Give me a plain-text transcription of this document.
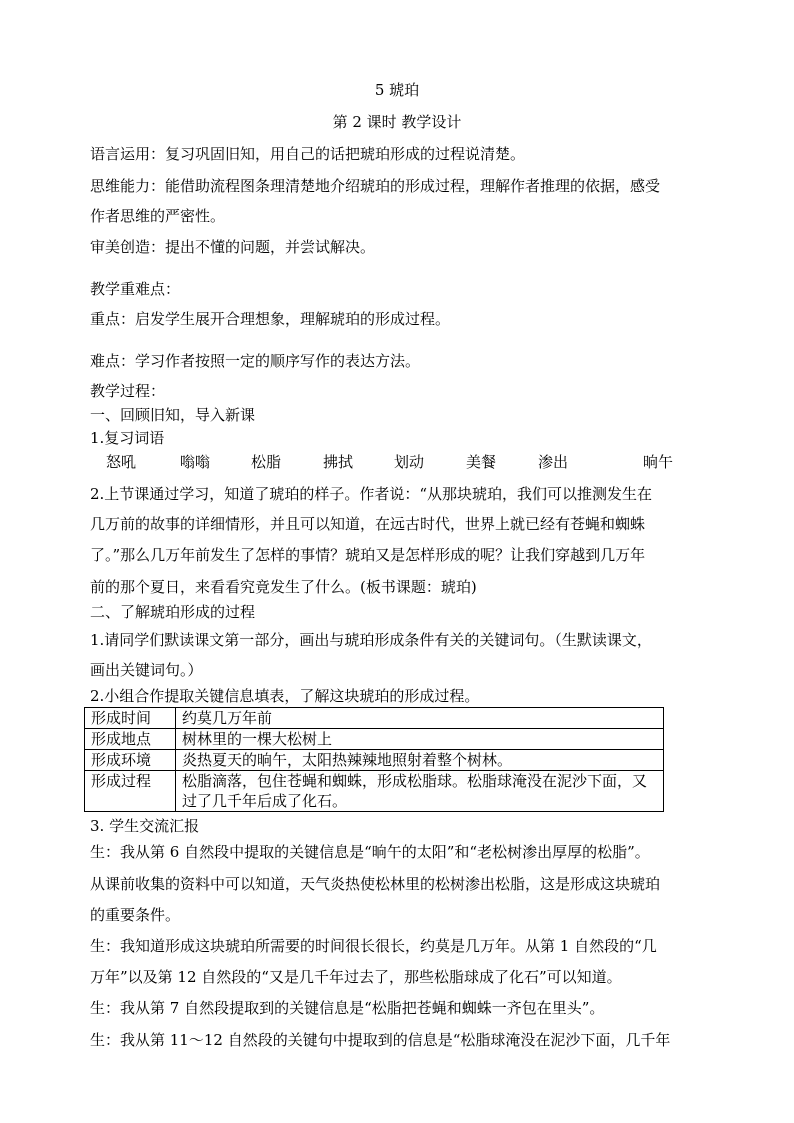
5 琥珀
第 2 课时 教学设计
语言运用：复习巩固旧知，用自己的话把琥珀形成的过程说清楚。
思维能力：能借助流程图条理清楚地介绍琥珀的形成过程，理解作者推理的依据，感受
作者思维的严密性。
审美创造：提出不懂的问题，并尝试解决。
教学重难点：
重点：启发学生展开合理想象，理解琥珀的形成过程。
难点：学习作者按照一定的顺序写作的表达方法。
教学过程：
一、回顾旧知，导入新课
1.复习词语
怒吼	嗡嗡	松脂	拂拭	划动	美餐	渗出	晌午
2.上节课通过学习，知道了琥珀的样子。作者说：“从那块琥珀，我们可以推测发生在
几万前的故事的详细情形，并且可以知道，在远古时代，世界上就已经有苍蝇和蜘蛛
了。”那么几万年前发生了怎样的事情？琥珀又是怎样形成的呢？让我们穿越到几万年
前的那个夏日，来看看究竟发生了什么。(板书课题：琥珀)
二、了解琥珀形成的过程
1.请同学们默读课文第一部分，画出与琥珀形成条件有关的关键词句。（生默读课文，
画出关键词句。）
2.小组合作提取关键信息填表，了解这块琥珀的形成过程。
形成时间	约莫几万年前
形成地点	树林里的一棵大松树上
形成环境	炎热夏天的晌午，太阳热辣辣地照射着整个树林。
形成过程	松脂滴落，包住苍蝇和蜘蛛，形成松脂球。松脂球淹没在泥沙下面，又过了几千年后成了化石。
3. 学生交流汇报
生：我从第 6 自然段中提取的关键信息是“晌午的太阳”和“老松树渗出厚厚的松脂”。
从课前收集的资料中可以知道，天气炎热使松林里的松树渗出松脂，这是形成这块琥珀
的重要条件。
生：我知道形成这块琥珀所需要的时间很长很长，约莫是几万年。从第 1 自然段的“几
万年”以及第 12 自然段的“又是几千年过去了，那些松脂球成了化石”可以知道。
生：我从第 7 自然段提取到的关键信息是“松脂把苍蝇和蜘蛛一齐包在里头”。
生：我从第 11～12 自然段的关键句中提取到的信息是“松脂球淹没在泥沙下面，几千年
